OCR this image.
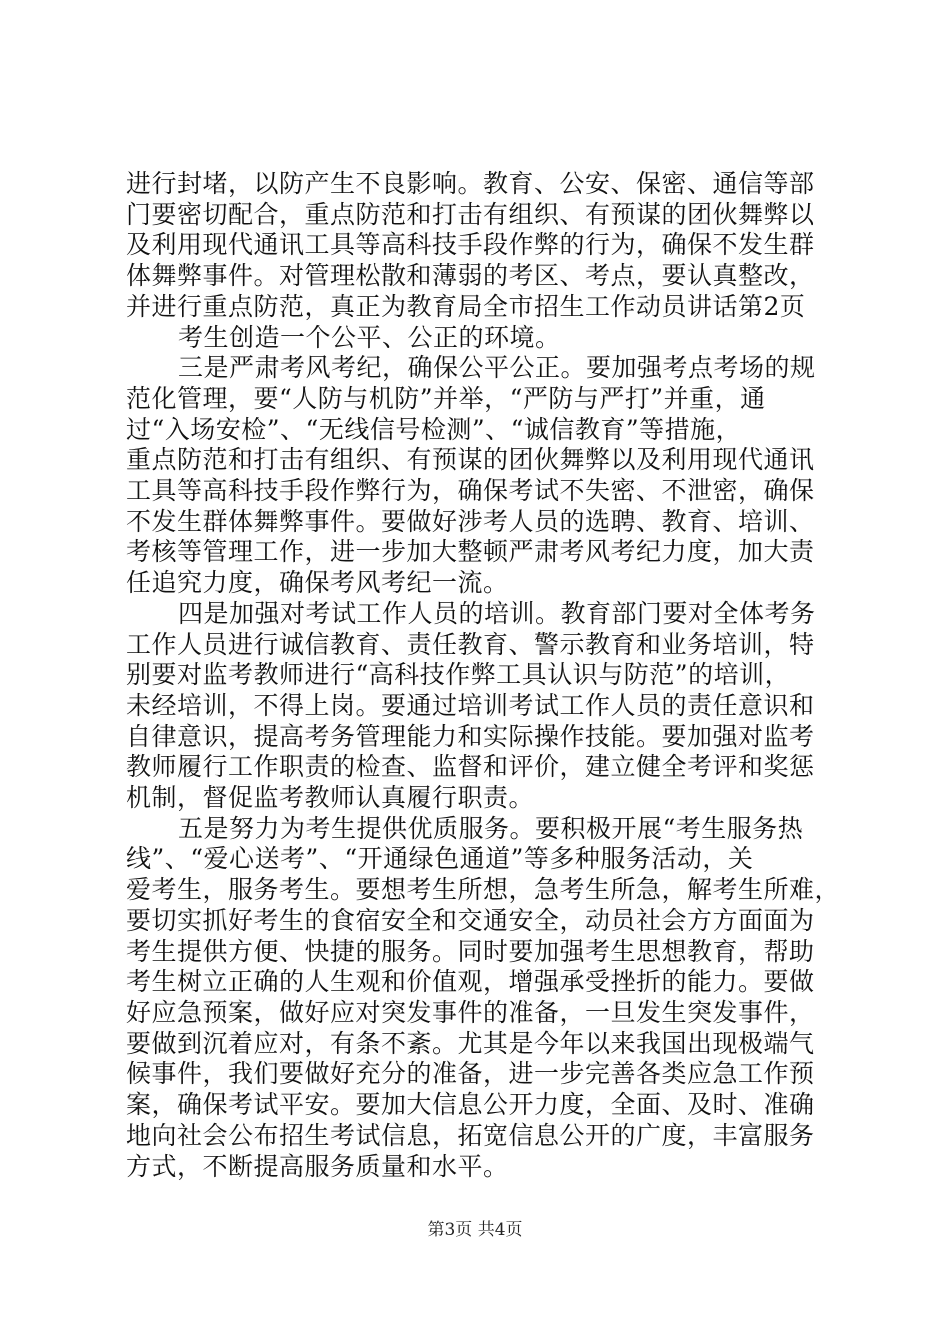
进行封堵，以防产生不良影响。教育、公安、保密、通信等部
门要密切配合，重点防范和打击有组织、有预谋的团伙舞弊以
及利用现代通讯工具等高科技手段作弊的行为，确保不发生群
体舞弊事件。对管理松散和薄弱的考区、考点，要认真整改，
并进行重点防范，真正为教育局全市招生工作动员讲话第2页
考生创造一个公平、公正的环境。
三是严肃考风考纪，确保公平公正。要加强考点考场的规
范化管理，要“人防与机防”并举，“严防与严打”并重，通
过“入场安检”、“无线信号检测”、“诚信教育”等措施，
重点防范和打击有组织、有预谋的团伙舞弊以及利用现代通讯
工具等高科技手段作弊行为，确保考试不失密、不泄密，确保
不发生群体舞弊事件。要做好涉考人员的选聘、教育、培训、
考核等管理工作，进一步加大整顿严肃考风考纪力度，加大责
任追究力度，确保考风考纪一流。
四是加强对考试工作人员的培训。教育部门要对全体考务
工作人员进行诚信教育、责任教育、警示教育和业务培训，特
别要对监考教师进行“高科技作弊工具认识与防范”的培训，
未经培训，不得上岗。要通过培训考试工作人员的责任意识和
自律意识，提高考务管理能力和实际操作技能。要加强对监考
教师履行工作职责的检查、监督和评价，建立健全考评和奖惩
机制，督促监考教师认真履行职责。
五是努力为考生提供优质服务。要积极开展“考生服务热
线”、“爱心送考”、“开通绿色通道”等多种服务活动，关
爱考生，服务考生。要想考生所想，急考生所急，解考生所难，
要切实抓好考生的食宿安全和交通安全，动员社会方方面面为
考生提供方便、快捷的服务。同时要加强考生思想教育，帮助
考生树立正确的人生观和价值观，增强承受挫折的能力。要做
好应急预案，做好应对突发事件的准备，一旦发生突发事件，
要做到沉着应对，有条不紊。尤其是今年以来我国出现极端气
候事件，我们要做好充分的准备，进一步完善各类应急工作预
案，确保考试平安。要加大信息公开力度，全面、及时、准确
地向社会公布招生考试信息，拓宽信息公开的广度，丰富服务
方式，不断提高服务质量和水平。
第3页 共4页
